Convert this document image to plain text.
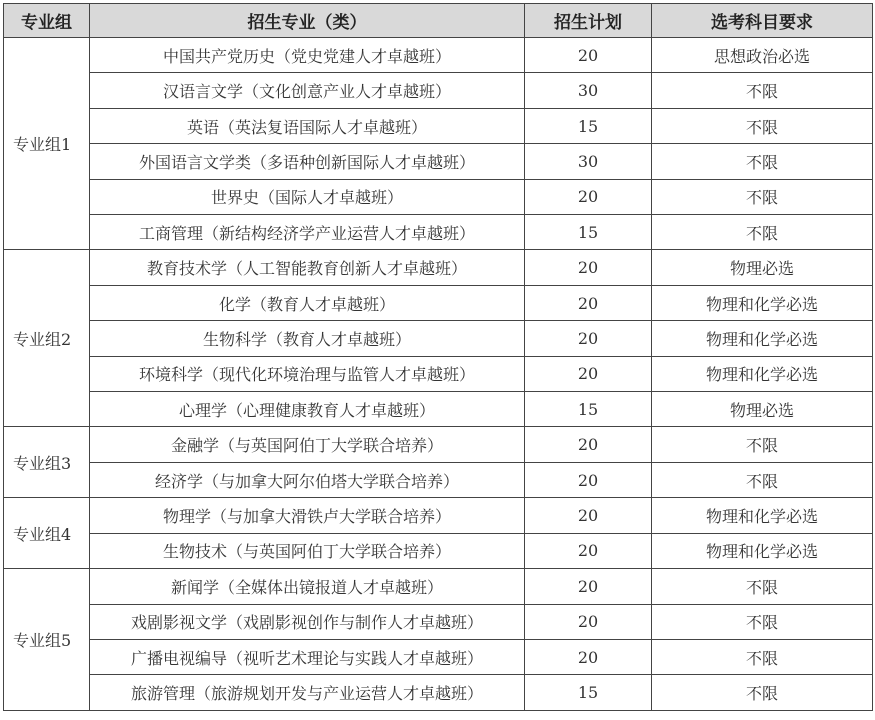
专业组	招生专业（类）	招生计划	选考科目要求
专业组1	中国共产党历史（党史党建人才卓越班）	20	思想政治必选
	汉语言文学（文化创意产业人才卓越班）	30	不限
	英语（英法复语国际人才卓越班）	15	不限
	外国语言文学类（多语种创新国际人才卓越班）	30	不限
	世界史（国际人才卓越班）	20	不限
	工商管理（新结构经济学产业运营人才卓越班）	15	不限
专业组2	教育技术学（人工智能教育创新人才卓越班）	20	物理必选
	化学（教育人才卓越班）	20	物理和化学必选
	生物科学（教育人才卓越班）	20	物理和化学必选
	环境科学（现代化环境治理与监管人才卓越班）	20	物理和化学必选
	心理学（心理健康教育人才卓越班）	15	物理必选
专业组3	金融学（与英国阿伯丁大学联合培养）	20	不限
	经济学（与加拿大阿尔伯塔大学联合培养）	20	不限
专业组4	物理学（与加拿大滑铁卢大学联合培养）	20	物理和化学必选
	生物技术（与英国阿伯丁大学联合培养）	20	物理和化学必选
专业组5	新闻学（全媒体出镜报道人才卓越班）	20	不限
	戏剧影视文学（戏剧影视创作与制作人才卓越班）	20	不限
	广播电视编导（视听艺术理论与实践人才卓越班）	20	不限
	旅游管理（旅游规划开发与产业运营人才卓越班）	15	不限
